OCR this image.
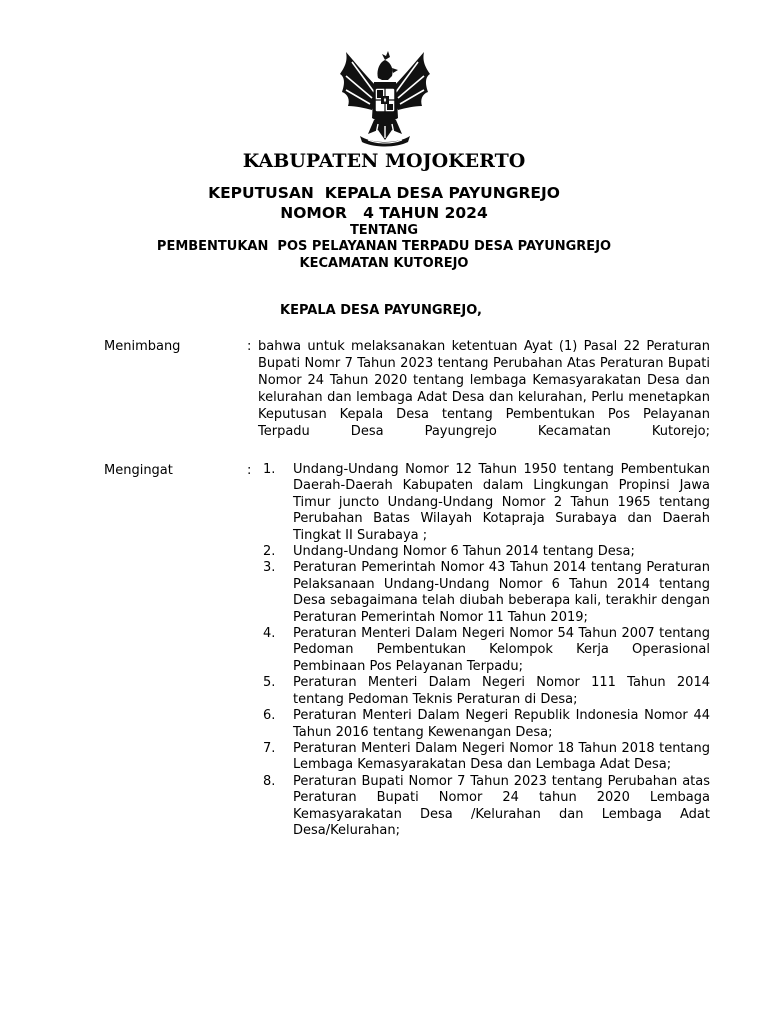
KABUPATEN MOJOKERTO
KEPUTUSAN  KEPALA DESA PAYUNGREJO
NOMOR   4 TAHUN 2024
TENTANG
PEMBENTUKAN  POS PELAYANAN TERPADU DESA PAYUNGREJO
KECAMATAN KUTOREJO
KEPALA DESA PAYUNGREJO,
Menimbang	: bahwa untuk melaksanakan ketentuan Ayat (1) Pasal 22 Peraturan Bupati Nomr 7 Tahun 2023 tentang Perubahan Atas Peraturan Bupati Nomor 24 Tahun 2020 tentang lembaga Kemasyarakatan Desa dan kelurahan dan lembaga Adat Desa dan kelurahan, Perlu menetapkan Keputusan Kepala Desa tentang Pembentukan Pos Pelayanan Terpadu Desa Payungrejo Kecamatan Kutorejo;
Mengingat	: 1. Undang-Undang Nomor 12 Tahun 1950 tentang Pembentukan Daerah-Daerah Kabupaten dalam Lingkungan Propinsi Jawa Timur juncto Undang-Undang Nomor 2 Tahun 1965 tentang Perubahan Batas Wilayah Kotapraja Surabaya dan Daerah Tingkat II Surabaya ;
2. Undang-Undang Nomor 6 Tahun 2014 tentang Desa;
3. Peraturan Pemerintah Nomor 43 Tahun 2014 tentang Peraturan Pelaksanaan Undang-Undang Nomor 6 Tahun 2014 tentang Desa sebagaimana telah diubah beberapa kali, terakhir dengan Peraturan Pemerintah Nomor 11 Tahun 2019;
4. Peraturan Menteri Dalam Negeri Nomor 54 Tahun 2007 tentang Pedoman Pembentukan Kelompok Kerja Operasional Pembinaan Pos Pelayanan Terpadu;
5. Peraturan Menteri Dalam Negeri Nomor 111 Tahun 2014 tentang Pedoman Teknis Peraturan di Desa;
6. Peraturan Menteri Dalam Negeri Republik Indonesia Nomor 44 Tahun 2016 tentang Kewenangan Desa;
7. Peraturan Menteri Dalam Negeri Nomor 18 Tahun 2018 tentang Lembaga Kemasyarakatan Desa dan Lembaga Adat Desa;
8. Peraturan Bupati Nomor 7 Tahun 2023 tentang Perubahan atas Peraturan Bupati Nomor 24 tahun 2020 Lembaga Kemasyarakatan Desa /Kelurahan dan Lembaga Adat Desa/Kelurahan;
